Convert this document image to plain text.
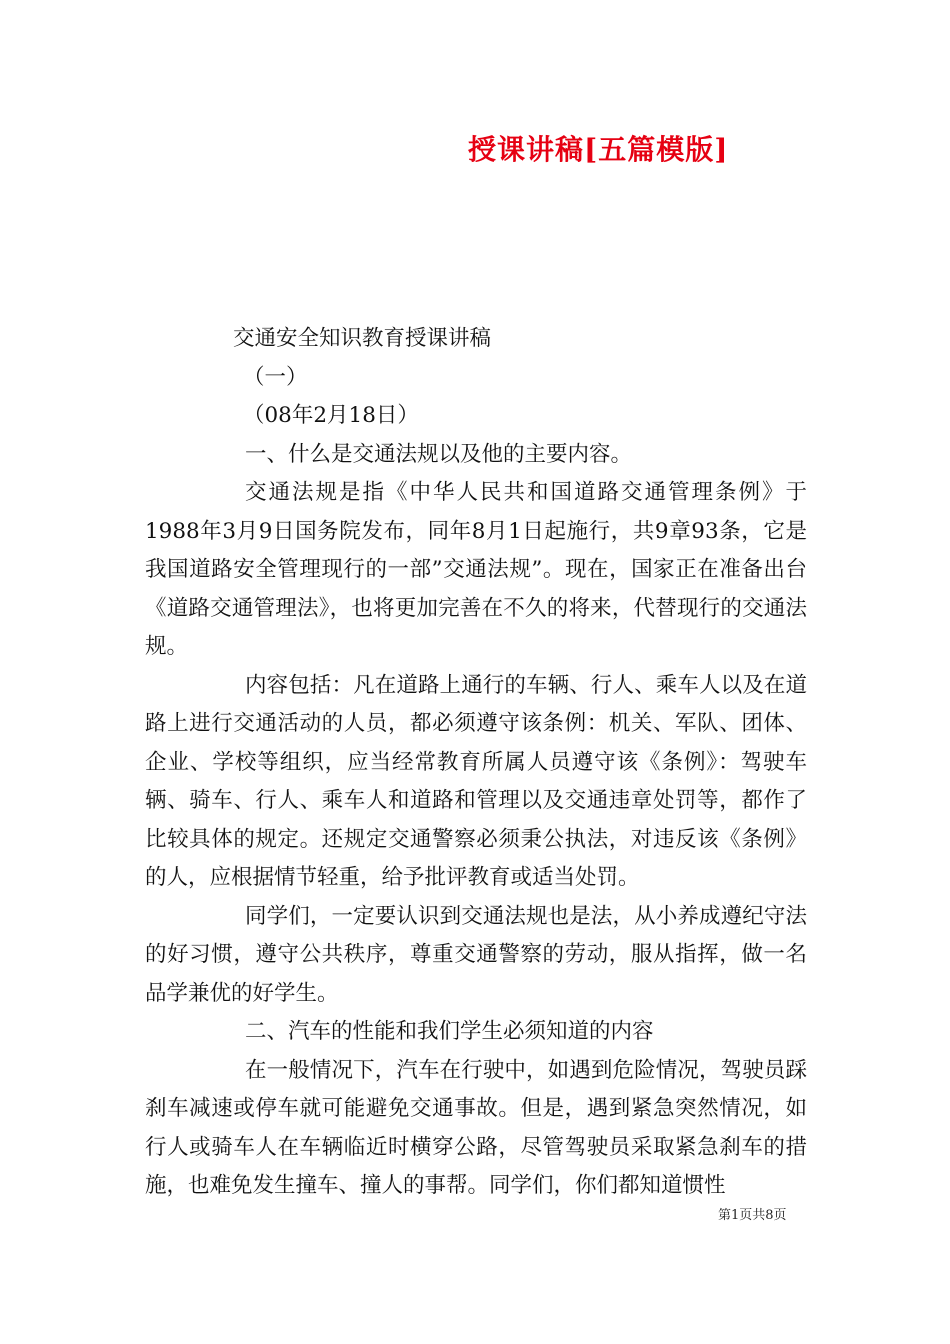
授课讲稿[五篇模版]

交通安全知识教育授课讲稿

（一）

（08年2月18日）

一、什么是交通法规以及他的主要内容。

交通法规是指《中华人民共和国道路交通管理条例》于1988年3月9日国务院发布，同年8月1日起施行，共9章93条，它是我国道路安全管理现行的一部”交通法规”。现在，国家正在准备出台《道路交通管理法》，也将更加完善在不久的将来，代替现行的交通法规。

内容包括：凡在道路上通行的车辆、行人、乘车人以及在道路上进行交通活动的人员，都必须遵守该条例：机关、军队、团体、企业、学校等组织，应当经常教育所属人员遵守该《条例》：驾驶车辆、骑车、行人、乘车人和道路和管理以及交通违章处罚等，都作了比较具体的规定。还规定交通警察必须秉公执法，对违反该《条例》的人，应根据情节轻重，给予批评教育或适当处罚。

同学们，一定要认识到交通法规也是法，从小养成遵纪守法的好习惯，遵守公共秩序，尊重交通警察的劳动，服从指挥，做一名品学兼优的好学生。

二、汽车的性能和我们学生必须知道的内容

在一般情况下，汽车在行驶中，如遇到危险情况，驾驶员踩刹车减速或停车就可能避免交通事故。但是，遇到紧急突然情况，如行人或骑车人在车辆临近时横穿公路，尽管驾驶员采取紧急刹车的措施，也难免发生撞车、撞人的事帮。同学们，你们都知道惯性

第1页共8页
